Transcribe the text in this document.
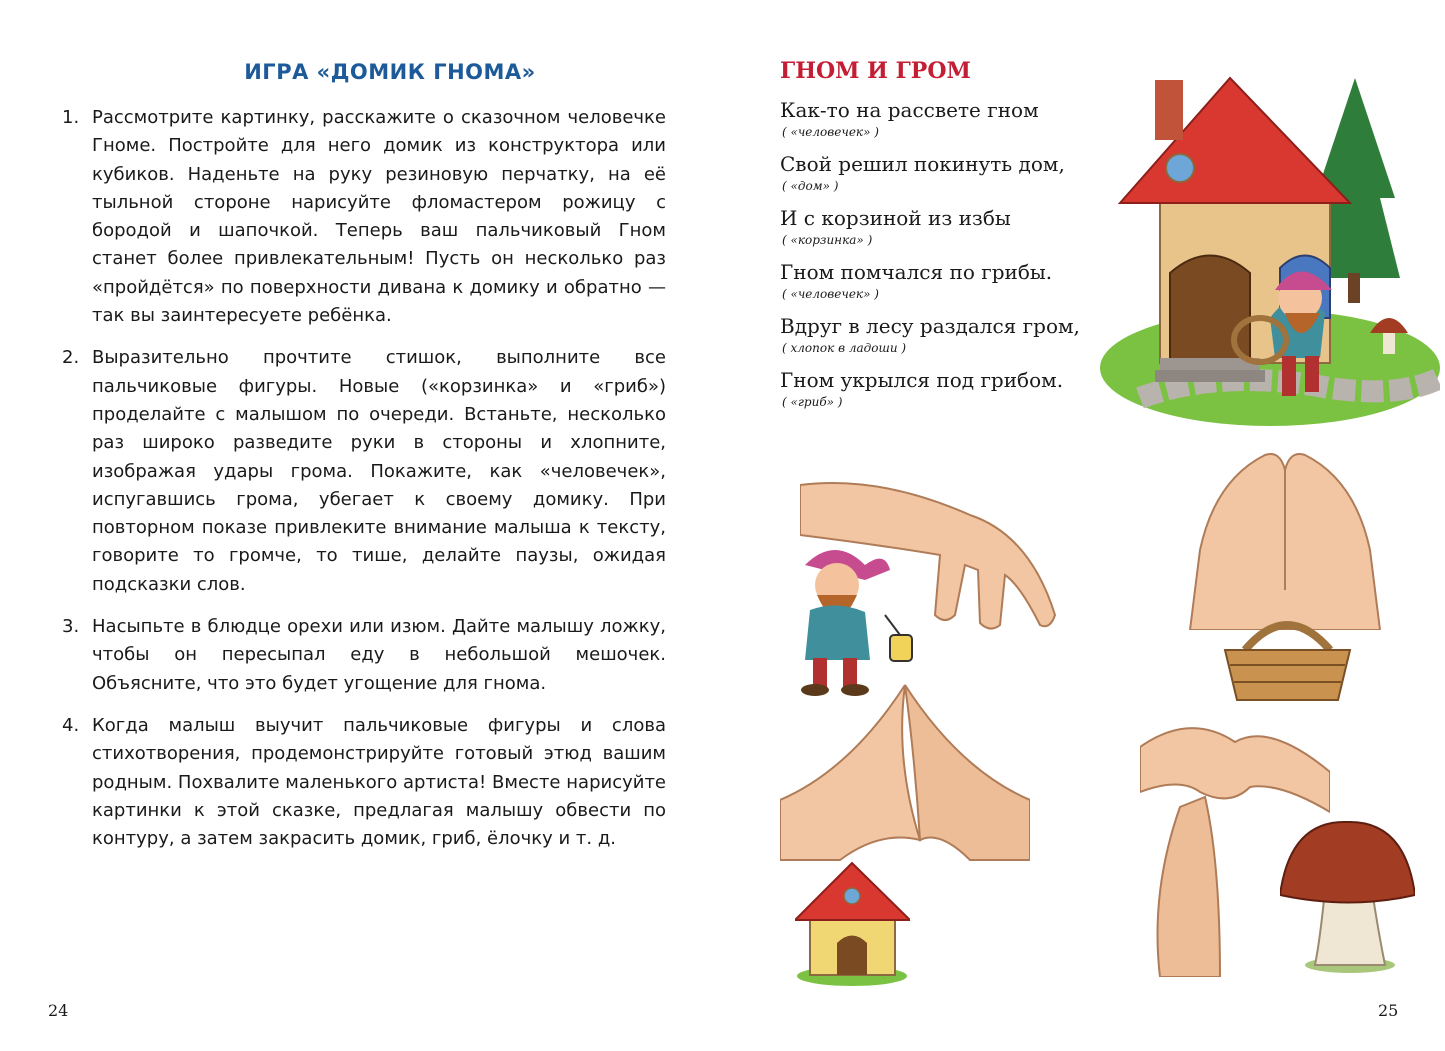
ИГРА «ДОМИК ГНОМА»
1. Рассмотрите картинку, расскажите о сказочном человечке Гноме. Постройте для него домик из конструктора или кубиков. Наденьте на руку резиновую перчатку, на её тыльной стороне нарисуйте фломастером рожицу с бородой и шапочкой. Теперь ваш пальчиковый Гном станет более привлекательным! Пусть он несколько раз «пройдётся» по поверхности дивана к домику и обратно — так вы заинтересуете ребёнка.
2. Выразительно прочтите стишок, выполните все пальчиковые фигуры. Новые («корзинка» и «гриб») проделайте с малышом по очереди. Встаньте, несколько раз широко разведите руки в стороны и хлопните, изображая удары грома. Покажите, как «человечек», испугавшись грома, убегает к своему домику. При повторном показе привлеките внимание малыша к тексту, говорите то громче, то тише, делайте паузы, ожидая подсказки слов.
3. Насыпьте в блюдце орехи или изюм. Дайте малышу ложку, чтобы он пересыпал еду в небольшой мешочек. Объясните, что это будет угощение для гнома.
4. Когда малыш выучит пальчиковые фигуры и слова стихотворения, продемонстрируйте готовый этюд вашим родным. Похвалите маленького артиста! Вместе нарисуйте картинки к этой сказке, предлагая малышу обвести по контуру, а затем закрасить домик, гриб, ёлочку и т. д.
24
ГНОМ И ГРОМ
Как-то на рассвете гном
( «человечек» )
Свой решил покинуть дом,
( «дом» )
И с корзиной из избы
( «корзинка» )
Гном помчался по грибы.
( «человечек» )
Вдруг в лесу раздался гром,
( хлопок в ладоши )
Гном укрылся под грибом.
( «гриб» )
25
